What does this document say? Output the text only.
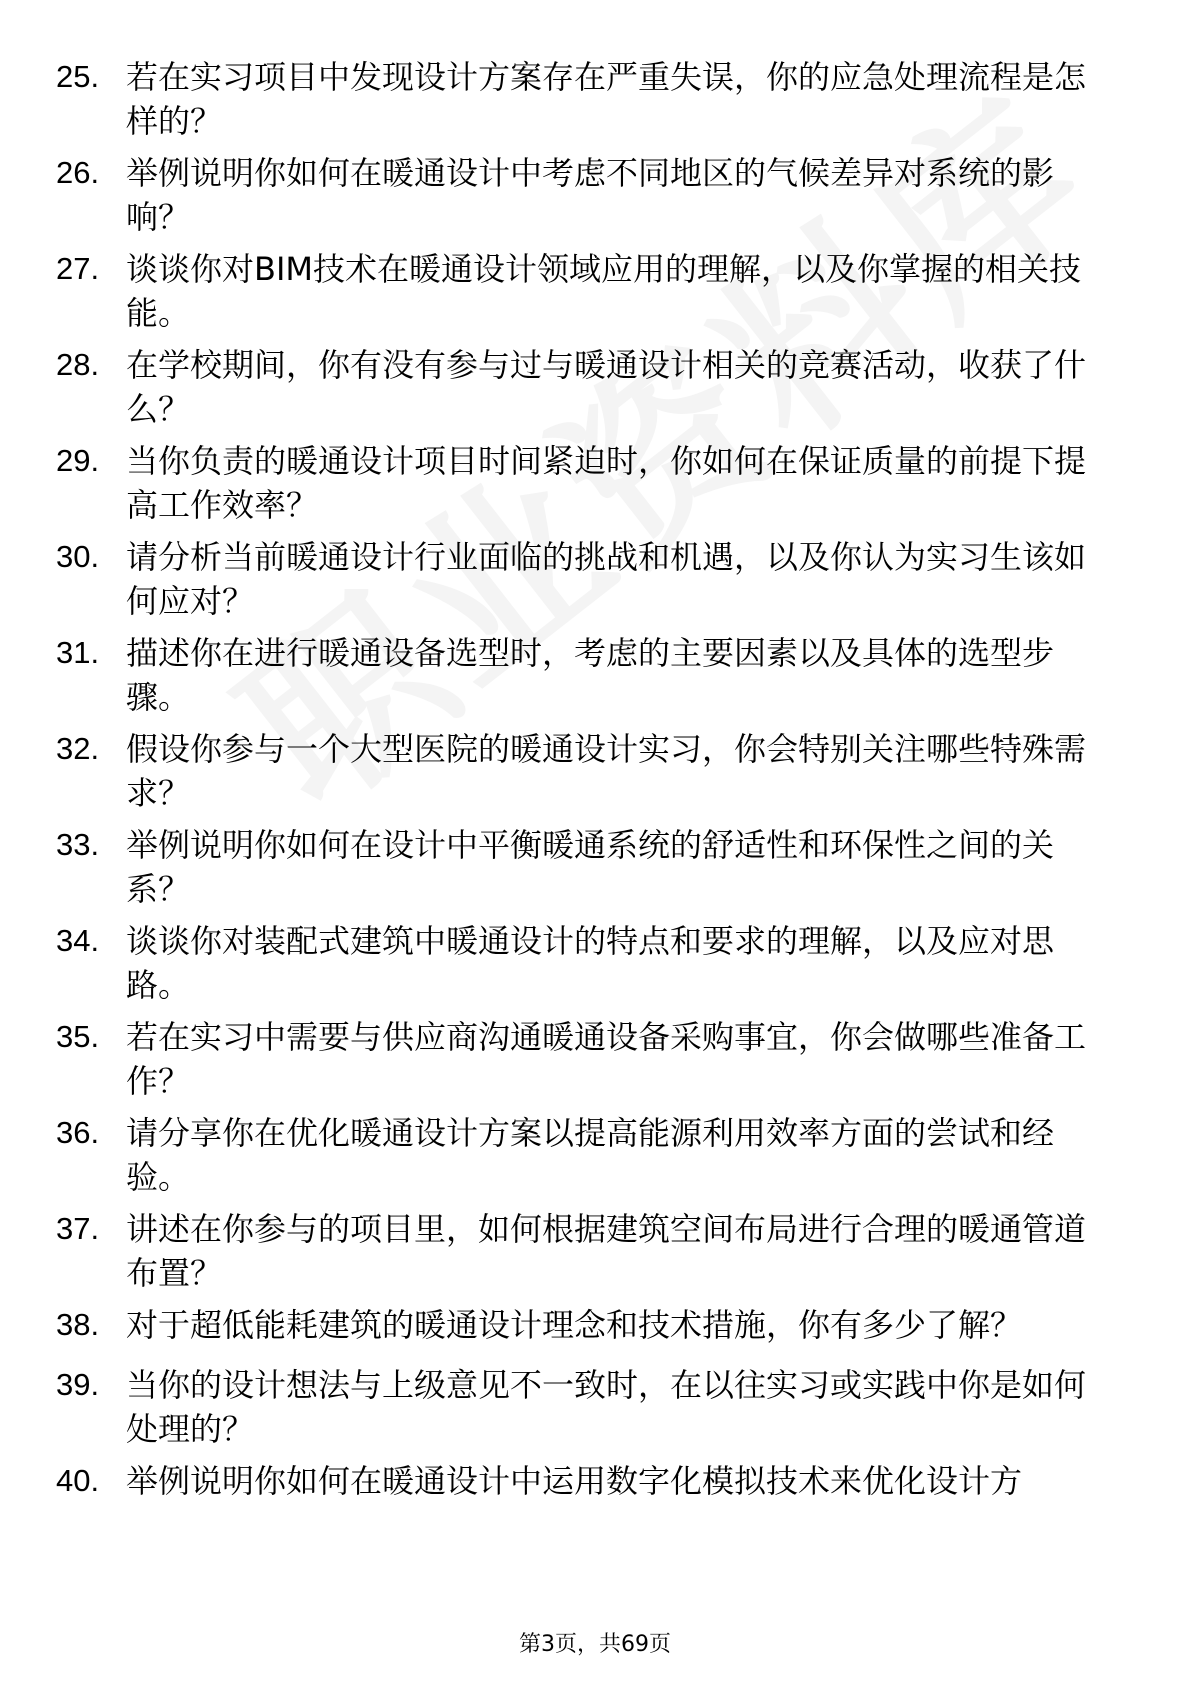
25. 若在实习项目中发现设计方案存在严重失误，你的应急处理流程是怎样的？
26. 举例说明你如何在暖通设计中考虑不同地区的气候差异对系统的影响？
27. 谈谈你对BIM技术在暖通设计领域应用的理解，以及你掌握的相关技能。
28. 在学校期间，你有没有参与过与暖通设计相关的竞赛活动，收获了什么？
29. 当你负责的暖通设计项目时间紧迫时，你如何在保证质量的前提下提高工作效率？
30. 请分析当前暖通设计行业面临的挑战和机遇，以及你认为实习生该如何应对？
31. 描述你在进行暖通设备选型时，考虑的主要因素以及具体的选型步骤。
32. 假设你参与一个大型医院的暖通设计实习，你会特别关注哪些特殊需求？
33. 举例说明你如何在设计中平衡暖通系统的舒适性和环保性之间的关系？
34. 谈谈你对装配式建筑中暖通设计的特点和要求的理解，以及应对思路。
35. 若在实习中需要与供应商沟通暖通设备采购事宜，你会做哪些准备工作？
36. 请分享你在优化暖通设计方案以提高能源利用效率方面的尝试和经验。
37. 讲述在你参与的项目里，如何根据建筑空间布局进行合理的暖通管道布置？
38. 对于超低能耗建筑的暖通设计理念和技术措施，你有多少了解？
39. 当你的设计想法与上级意见不一致时，在以往实习或实践中你是如何处理的？
40. 举例说明你如何在暖通设计中运用数字化模拟技术来优化设计方
第3页，共69页
